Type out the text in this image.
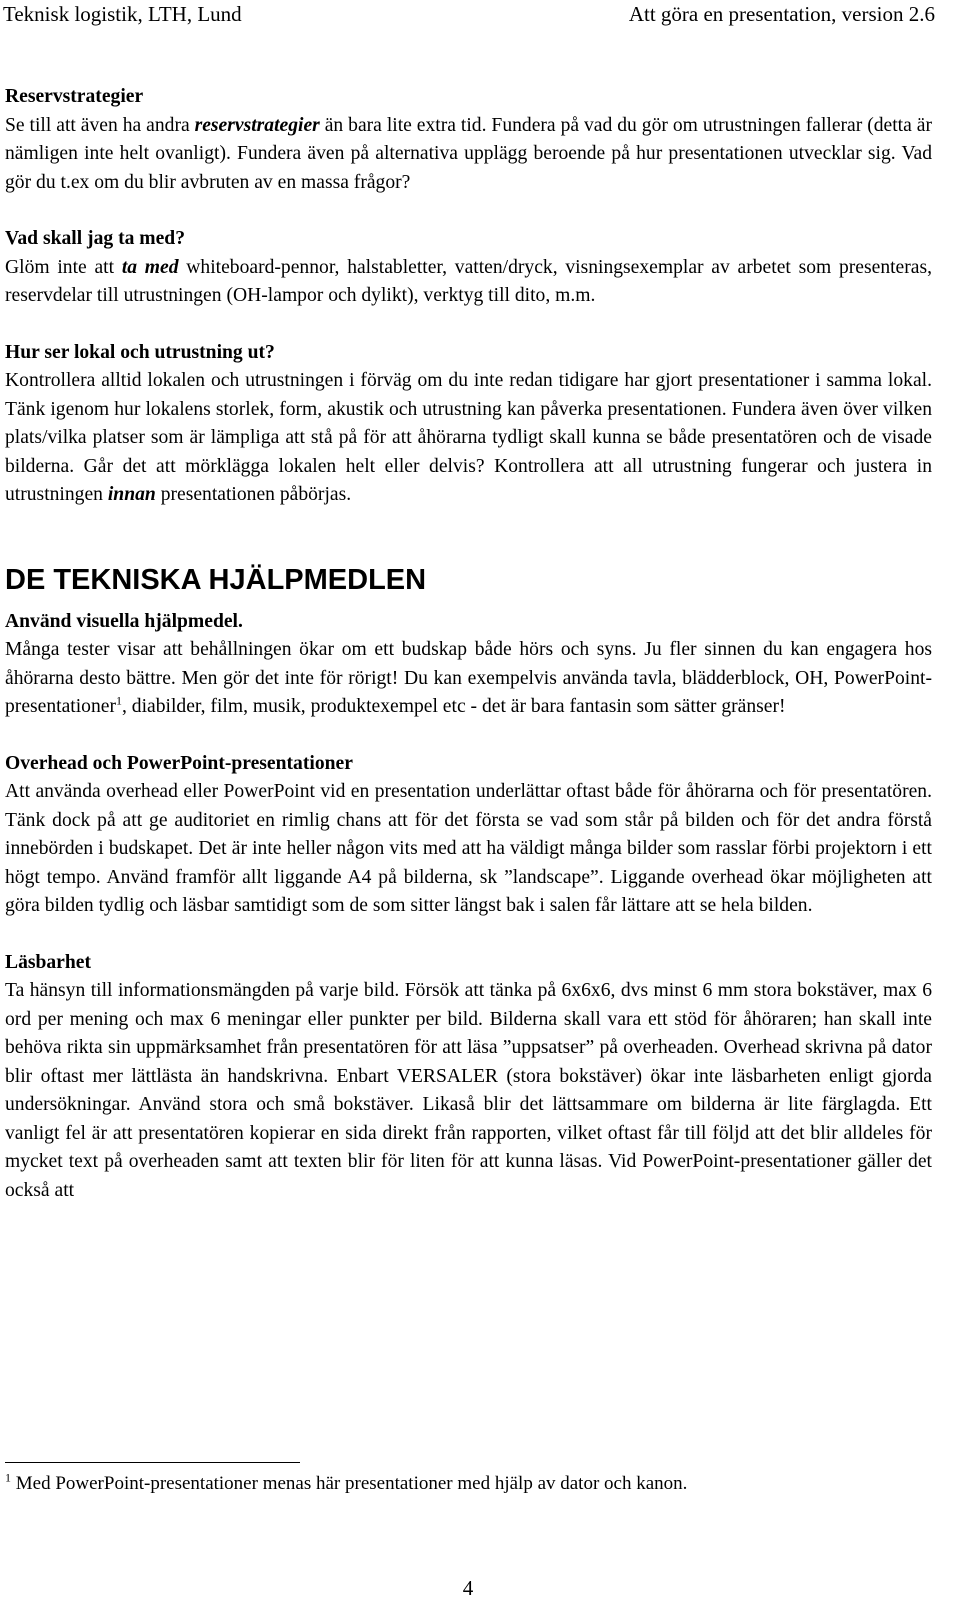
Teknisk logistik, LTH, Lund	Att göra en presentation, version 2.6
Reservstrategier

Se till att även ha andra reservstrategier än bara lite extra tid. Fundera på vad du gör om utrustningen fallerar (detta är nämligen inte helt ovanligt). Fundera även på alternativa upplägg beroende på hur presentationen utvecklar sig. Vad gör du t.ex om du blir avbruten av en massa frågor?

Vad skall jag ta med?

Glöm inte att ta med whiteboard-pennor, halstabletter, vatten/dryck, visningsexemplar av arbetet som presenteras, reservdelar till utrustningen (OH-lampor och dylikt), verktyg till dito, m.m.

Hur ser lokal och utrustning ut?

Kontrollera alltid lokalen och utrustningen i förväg om du inte redan tidigare har gjort presentationer i samma lokal. Tänk igenom hur lokalens storlek, form, akustik och utrustning kan påverka presentationen. Fundera även över vilken plats/vilka platser som är lämpliga att stå på för att åhörarna tydligt skall kunna se både presentatören och de visade bilderna. Går det att mörklägga lokalen helt eller delvis? Kontrollera att all utrustning fungerar och justera in utrustningen innan presentationen påbörjas.

DE TEKNISKA HJÄLPMEDLEN
Använd visuella hjälpmedel.

Många tester visar att behållningen ökar om ett budskap både hörs och syns. Ju fler sinnen du kan engagera hos åhörarna desto bättre. Men gör det inte för rörigt! Du kan exempelvis använda tavla, blädderblock, OH, PowerPoint-presentationer$^1$, diabilder, film, musik, produktexempel etc - det är bara fantasin som sätter gränser!

Overhead och PowerPoint-presentationer

Att använda overhead eller PowerPoint vid en presentation underlättar oftast både för åhörarna och för presentatören. Tänk dock på att ge auditoriet en rimlig chans att för det första se vad som står på bilden och för det andra förstå innebörden i budskapet. Det är inte heller någon vits med att ha väldigt många bilder som rasslar förbi projektorn i ett högt tempo. Använd framför allt liggande A4 på bilderna, sk ”landscape”. Liggande overhead ökar möjligheten att göra bilden tydlig och läsbar samtidigt som de som sitter längst bak i salen får lättare att se hela bilden.

Läsbarhet

Ta hänsyn till informationsmängden på varje bild. Försök att tänka på 6x6x6, dvs minst 6 mm stora bokstäver, max 6 ord per mening och max 6 meningar eller punkter per bild. Bilderna skall vara ett stöd för åhöraren; han skall inte behöva rikta sin uppmärksamhet från presentatören för att läsa ”uppsatser” på overheaden. Overhead skrivna på dator blir oftast mer lättlästa än handskrivna. Enbart VERSALER (stora bokstäver) ökar inte läsbarheten enligt gjorda undersökningar. Använd stora och små bokstäver. Likaså blir det lättsammare om bilderna är lite färglagda. Ett vanligt fel är att presentatören kopierar en sida direkt från rapporten, vilket oftast får till följd att det blir alldeles för mycket text på overheaden samt att texten blir för liten för att kunna läsas. Vid PowerPoint-presentationer gäller det också att

$^1$ Med PowerPoint-presentationer menas här presentationer med hjälp av dator och kanon.
4
